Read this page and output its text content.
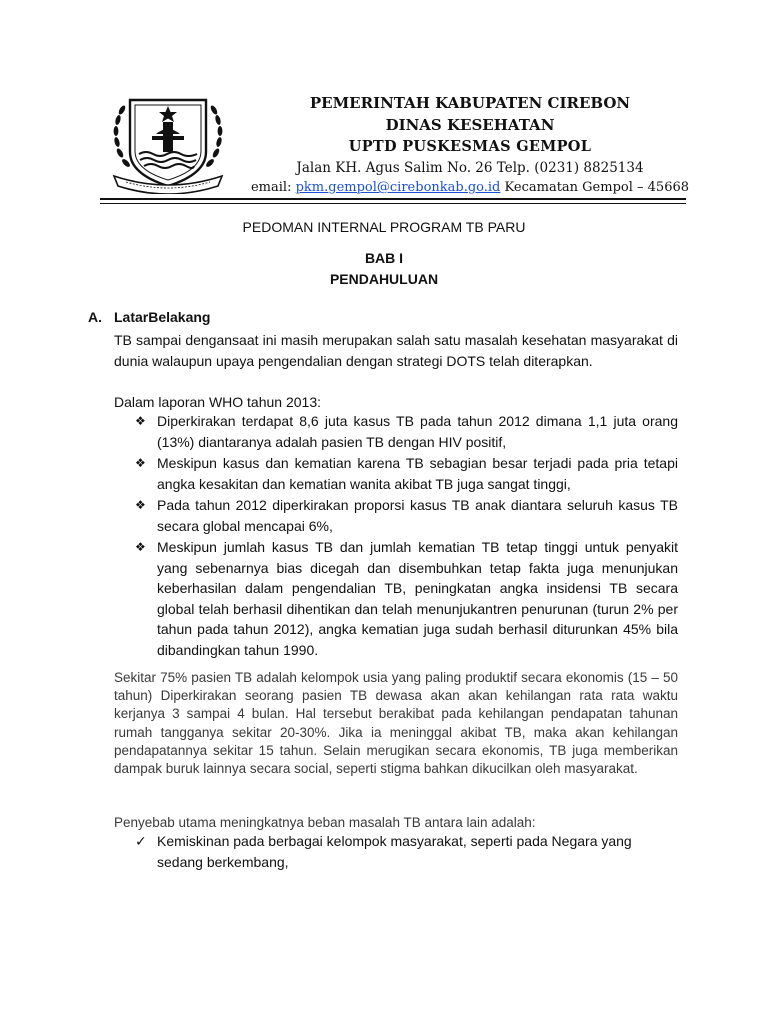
PEMERINTAH KABUPATEN CIREBON
DINAS KESEHATAN
UPTD PUSKESMAS GEMPOL
Jalan KH. Agus Salim No. 26 Telp. (0231) 8825134
email: pkm.gempol@cirebonkab.go.id Kecamatan Gempol – 45668
PEDOMAN INTERNAL PROGRAM TB PARU
BAB I
PENDAHULUAN
A. LatarBelakang
TB sampai dengansaat ini masih merupakan salah satu masalah kesehatan masyarakat di dunia walaupun upaya pengendalian dengan strategi DOTS telah diterapkan.
Dalam laporan WHO tahun 2013:
❖ Diperkirakan terdapat 8,6 juta kasus TB pada tahun 2012 dimana 1,1 juta orang (13%) diantaranya adalah pasien TB dengan HIV positif,
❖ Meskipun kasus dan kematian karena TB sebagian besar terjadi pada pria tetapi angka kesakitan dan kematian wanita akibat TB juga sangat tinggi,
❖ Pada tahun 2012 diperkirakan proporsi kasus TB anak diantara seluruh kasus TB secara global mencapai 6%,
❖ Meskipun jumlah kasus TB dan jumlah kematian TB tetap tinggi untuk penyakit yang sebenarnya bias dicegah dan disembuhkan tetap fakta juga menunjukan keberhasilan dalam pengendalian TB, peningkatan angka insidensi TB secara global telah berhasil dihentikan dan telah menunjukantren penurunan (turun 2% per tahun pada tahun 2012), angka kematian juga sudah berhasil diturunkan 45% bila dibandingkan tahun 1990.
Sekitar 75% pasien TB adalah kelompok usia yang paling produktif secara ekonomis (15 – 50 tahun) Diperkirakan seorang pasien TB dewasa akan akan kehilangan rata rata waktu kerjanya 3 sampai 4 bulan. Hal tersebut berakibat pada kehilangan pendapatan tahunan rumah tangganya sekitar 20-30%. Jika ia meninggal akibat TB, maka akan kehilangan pendapatannya sekitar 15 tahun. Selain merugikan secara ekonomis, TB juga memberikan dampak buruk lainnya secara social, seperti stigma bahkan dikucilkan oleh masyarakat.
Penyebab utama meningkatnya beban masalah TB antara lain adalah:
✓ Kemiskinan pada berbagai kelompok masyarakat, seperti pada Negara yang sedang berkembang,
